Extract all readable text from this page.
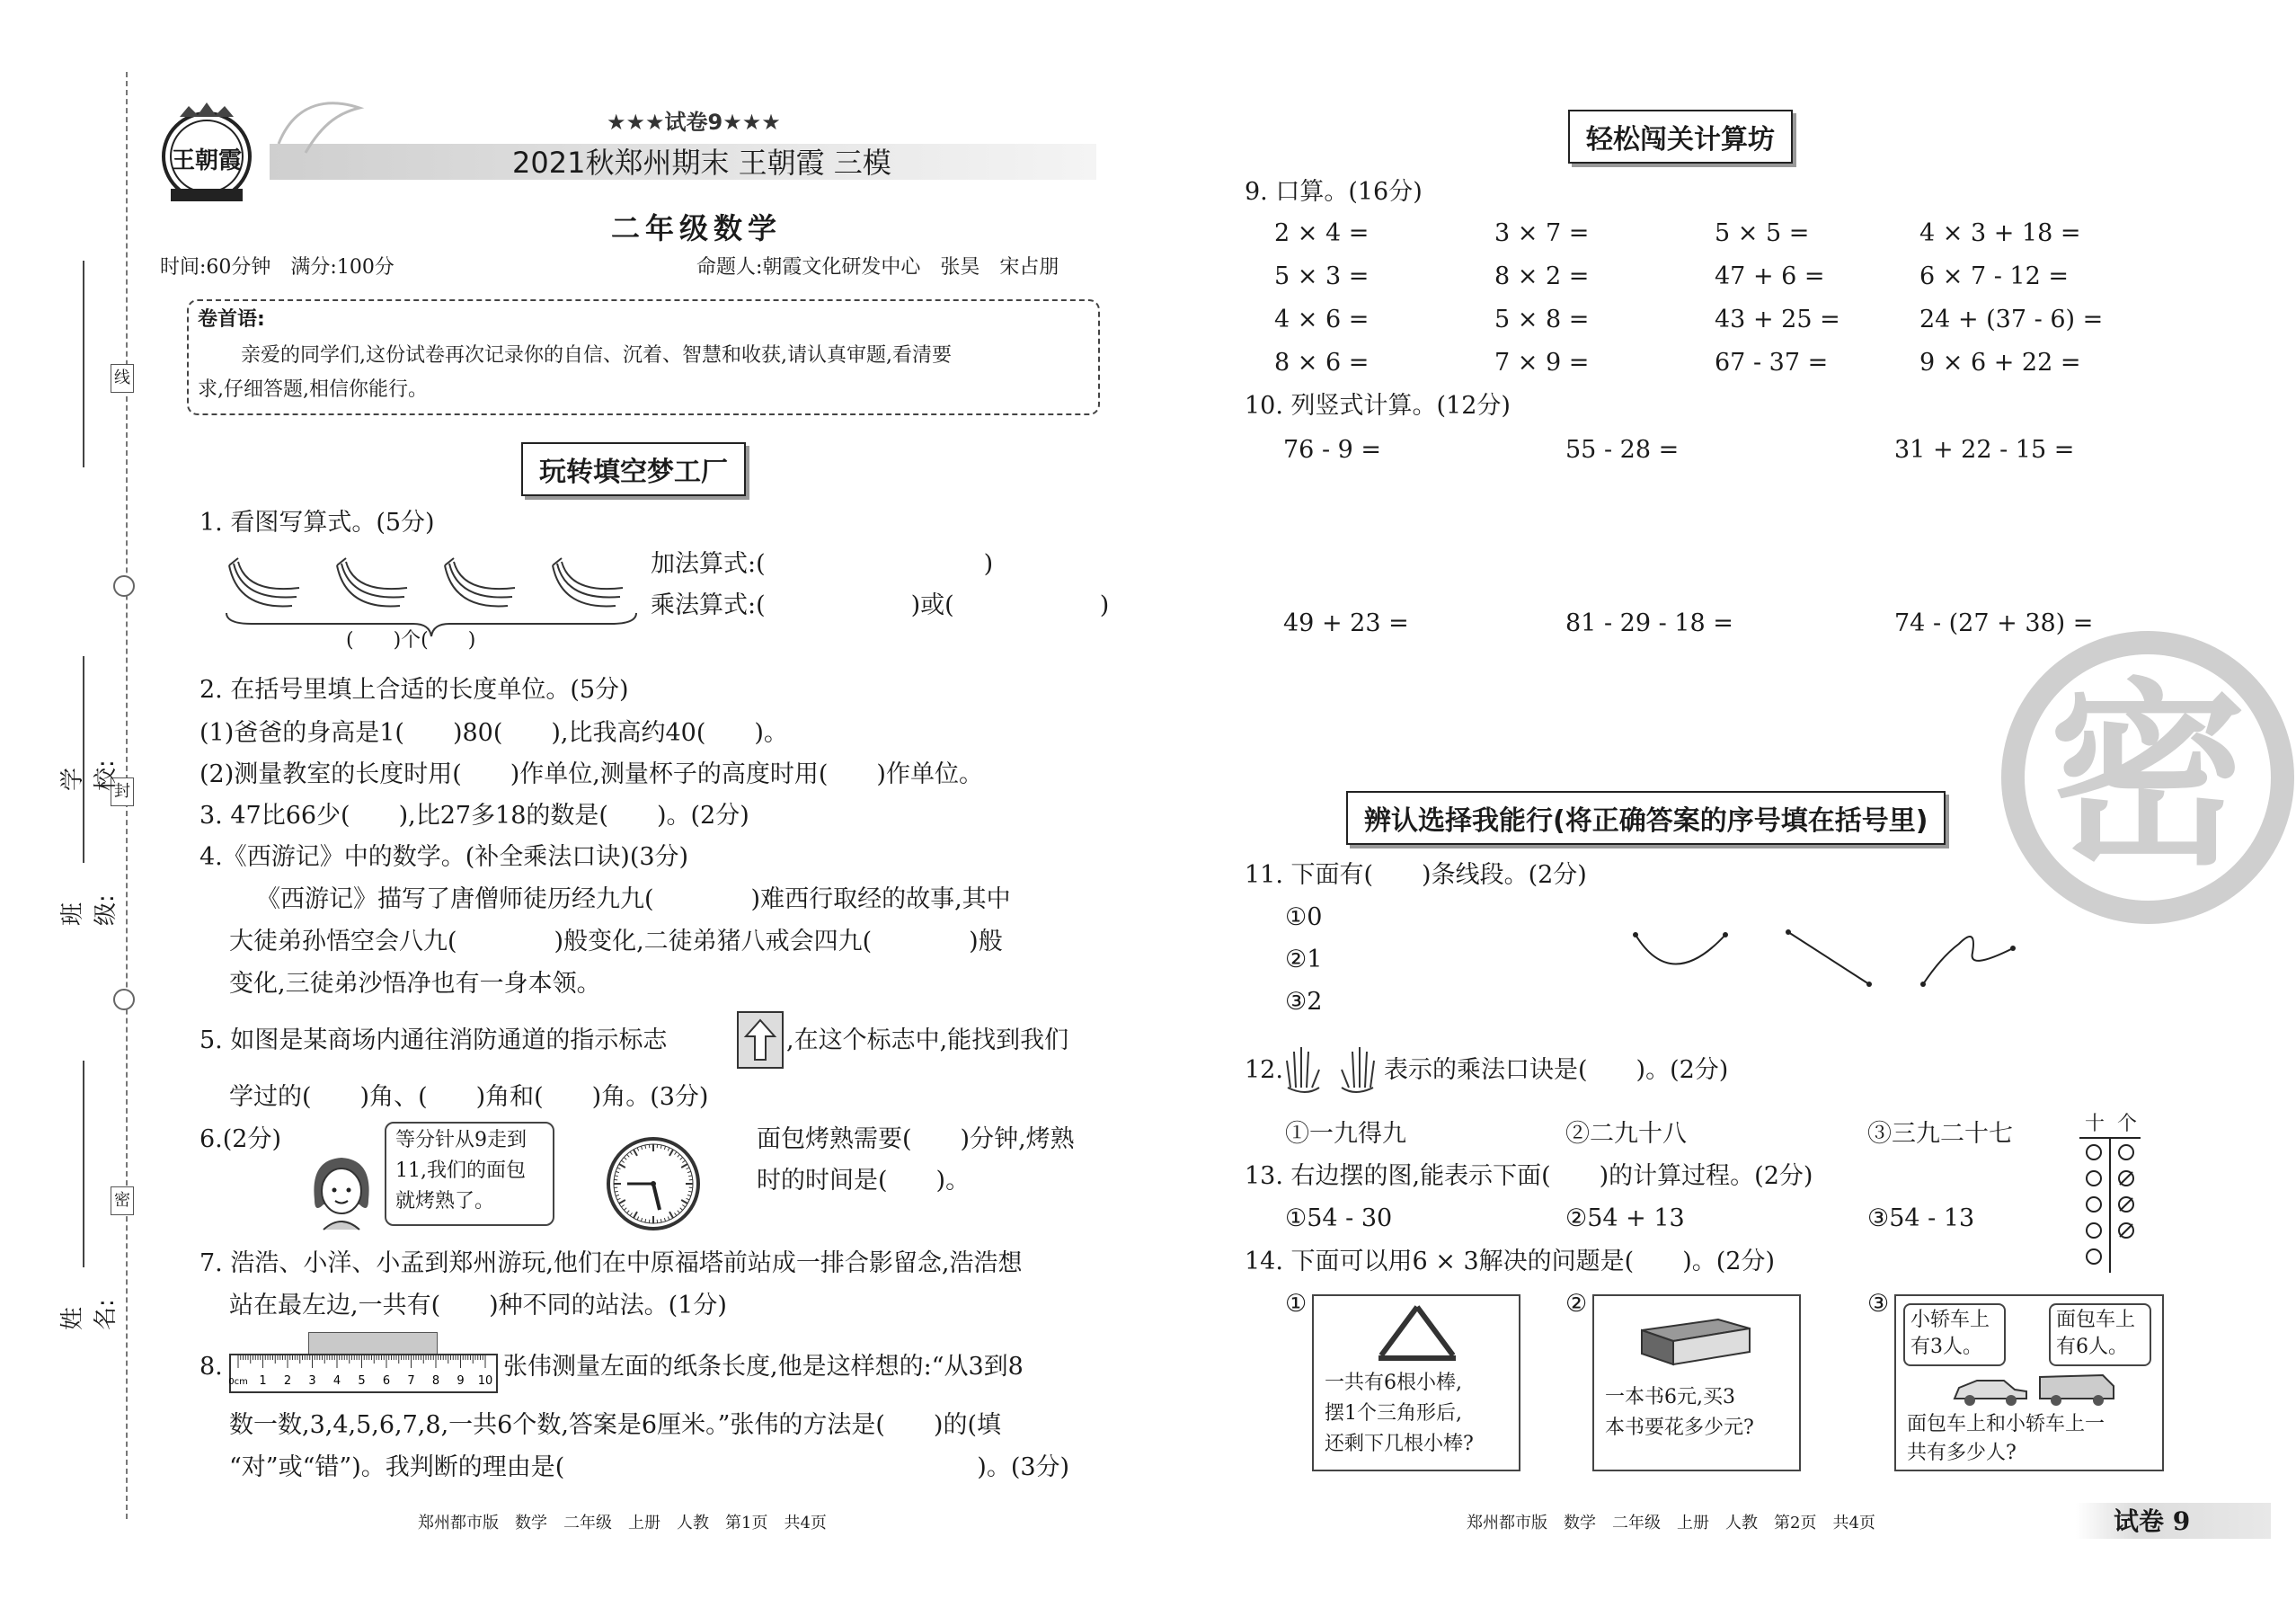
线
封
密
学校:
班级:
姓名:
王朝霞
★★★试卷9★★★
2021秋郑州期末 王朝霞 三模
二年级数学
时间:60分钟　满分:100分	命题人:朝霞文化研发中心　张昊　宋占朋
卷首语:
亲爱的同学们,这份试卷再次记录你的自信、沉着、智慧和收获,请认真审题,看清要
求,仔细答题,相信你能行。
玩转填空梦工厂
1. 看图写算式。(5分)
(　　)个(　　)
加法算式:(　　　　　　　　　)
乘法算式:(　　　　　　)或(　　　　　　)
2. 在括号里填上合适的长度单位。(5分)
(1)爸爸的身高是1(　　)80(　　),比我高约40(　　)。
(2)测量教室的长度时用(　　)作单位,测量杯子的高度时用(　　)作单位。
3. 47比66少(　　),比27多18的数是(　　)。(2分)
4.《西游记》中的数学。(补全乘法口诀)(3分)
《西游记》描写了唐僧师徒历经九九(　　　　)难西行取经的故事,其中
大徒弟孙悟空会八九(　　　　)般变化,二徒弟猪八戒会四九(　　　　)般
变化,三徒弟沙悟净也有一身本领。
5. 如图是某商场内通往消防通道的指示标志	,在这个标志中,能找到我们
学过的(　　)角、(　　)角和(　　)角。(3分)
6.(2分)	等分针从9走到
11,我们的面包
就烤熟了。
面包烤熟需要(　　)分钟,烤熟
时的时间是(　　)。
7. 浩浩、小洋、小孟到郑州游玩,他们在中原福塔前站成一排合影留念,浩浩想
站在最左边,一共有(　　)种不同的站法。(1分)
8.
0cm 1 2 3 4 5 6 7 8 9 10
张伟测量左面的纸条长度,他是这样想的:“从3到8
数一数,3,4,5,6,7,8,一共6个数,答案是6厘米。”张伟的方法是(　　)的(填
“对”或“错”)。我判断的理由是(　　　　　　　　　　　　　　　　　)。(3分)
郑州都市版　数学　二年级　上册　人教　第1页　共4页
轻松闯关计算坊
9. 口算。(16分)
2 × 4 =	3 × 7 =	5 × 5 =	4 × 3 + 18 =
5 × 3 =	8 × 2 =	47 + 6 =	6 × 7 - 12 =
4 × 6 =	5 × 8 =	43 + 25 =	24 + (37 - 6) =
8 × 6 =	7 × 9 =	67 - 37 =	9 × 6 + 22 =
10. 列竖式计算。(12分)
76 - 9 =	55 - 28 =	31 + 22 - 15 =
49 + 23 =	81 - 29 - 18 =	74 - (27 + 38) =
密
辨认选择我能行(将正确答案的序号填在括号里)
11. 下面有(　　)条线段。(2分)
①0
②1
③2
12.	表示的乘法口诀是(　　)。(2分)
①一九得九	②二九十八	③三九二十七
13. 右边摆的图,能表示下面(　　)的计算过程。(2分)
①54 - 30	②54 + 13	③54 - 13
十 个
14. 下面可以用6 × 3解决的问题是(　　)。(2分)
①
一共有6根小棒,
摆1个三角形后,
还剩下几根小棒?
②
一本书6元,买3
本书要花多少元?
③
小轿车上
有3人。
面包车上
有6人。
面包车上和小轿车上一
共有多少人?
郑州都市版　数学　二年级　上册　人教　第2页　共4页	试卷 9
